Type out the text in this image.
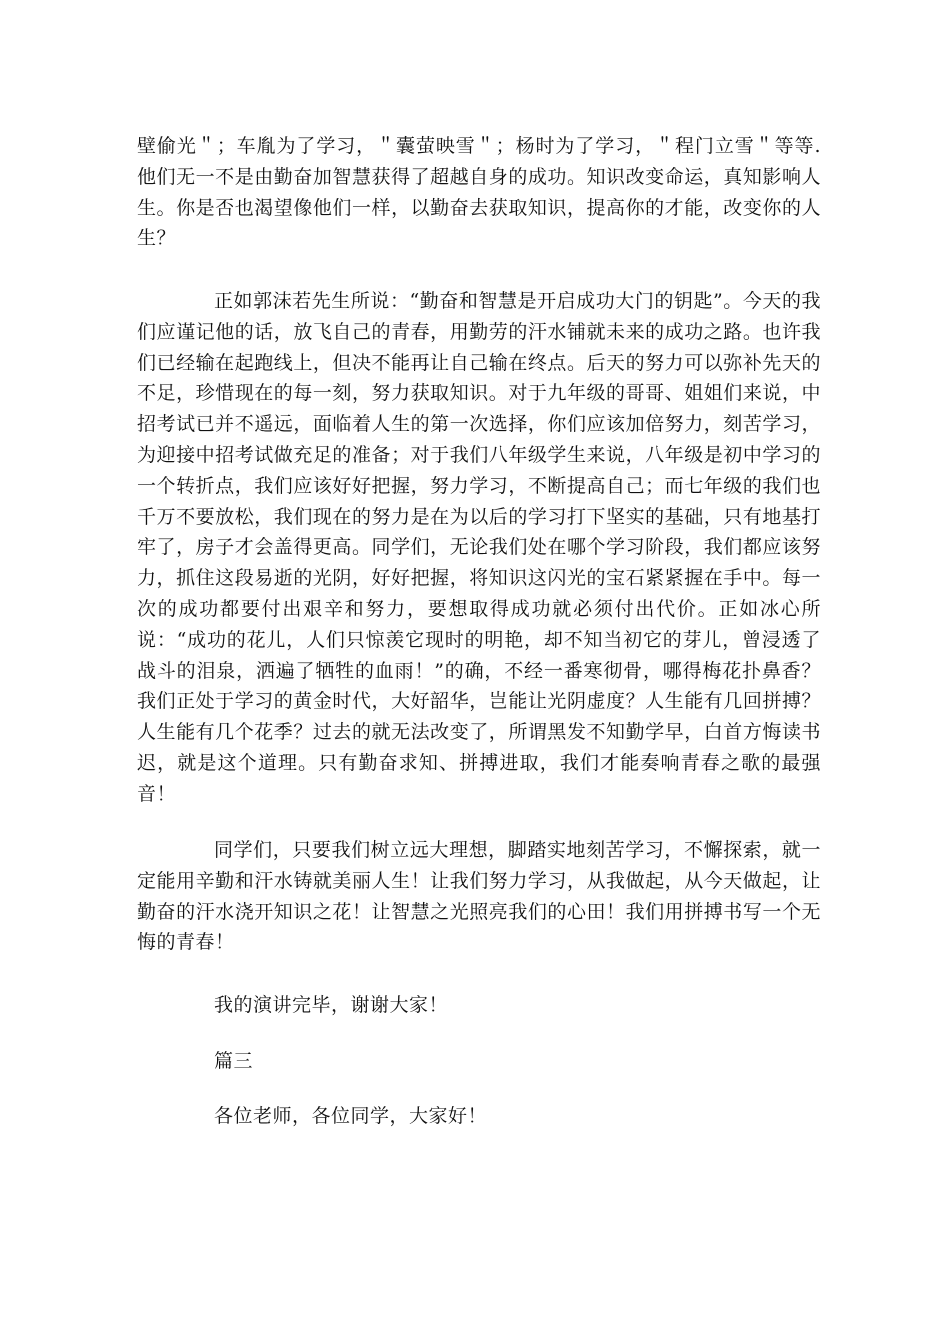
壁偷光＂；车胤为了学习，＂囊萤映雪＂；杨时为了学习，＂程门立雪＂等等.他们无一不是由勤奋加智慧获得了超越自身的成功。知识改变命运，真知影响人生。你是否也渴望像他们一样，以勤奋去获取知识，提高你的才能，改变你的人生？

正如郭沫若先生所说：“勤奋和智慧是开启成功大门的钥匙”。今天的我们应谨记他的话，放飞自己的青春，用勤劳的汗水铺就未来的成功之路。也许我们已经输在起跑线上，但决不能再让自己输在终点。后天的努力可以弥补先天的不足，珍惜现在的每一刻，努力获取知识。对于九年级的哥哥、姐姐们来说，中招考试已并不遥远，面临着人生的第一次选择，你们应该加倍努力，刻苦学习，为迎接中招考试做充足的准备；对于我们八年级学生来说，八年级是初中学习的一个转折点，我们应该好好把握，努力学习，不断提高自己；而七年级的我们也千万不要放松，我们现在的努力是在为以后的学习打下坚实的基础，只有地基打牢了，房子才会盖得更高。同学们，无论我们处在哪个学习阶段，我们都应该努力，抓住这段易逝的光阴，好好把握，将知识这闪光的宝石紧紧握在手中。每一次的成功都要付出艰辛和努力，要想取得成功就必须付出代价。正如冰心所说：“成功的花儿，人们只惊羡它现时的明艳，却不知当初它的芽儿，曾浸透了战斗的泪泉，洒遍了牺牲的血雨！”的确，不经一番寒彻骨，哪得梅花扑鼻香？我们正处于学习的黄金时代，大好韶华，岂能让光阴虚度？人生能有几回拼搏？人生能有几个花季？过去的就无法改变了，所谓黑发不知勤学早，白首方悔读书迟，就是这个道理。只有勤奋求知、拼搏进取，我们才能奏响青春之歌的最强音！

同学们，只要我们树立远大理想，脚踏实地刻苦学习，不懈探索，就一定能用辛勤和汗水铸就美丽人生！让我们努力学习，从我做起，从今天做起，让勤奋的汗水浇开知识之花！让智慧之光照亮我们的心田！我们用拼搏书写一个无悔的青春！

我的演讲完毕，谢谢大家！

篇三

各位老师，各位同学，大家好！
